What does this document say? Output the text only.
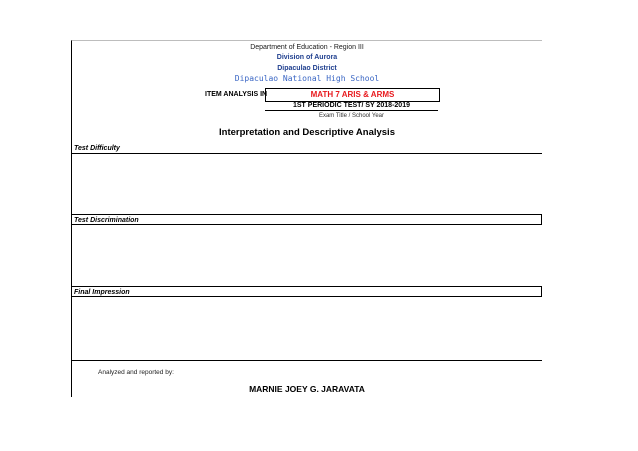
Department of Education - Region III
Division of Aurora
Dipaculao District
Dipaculao National High School
ITEM ANALYSIS IN	MATH 7 ARIS & ARMS
1ST PERIODIC TEST/ SY 2018-2019
Exam Title / School Year
Interpretation and Descriptive Analysis
Test Difficulty
Test Discrimination
Final Impression
Analyzed and reported by:
MARNIE JOEY G. JARAVATA
